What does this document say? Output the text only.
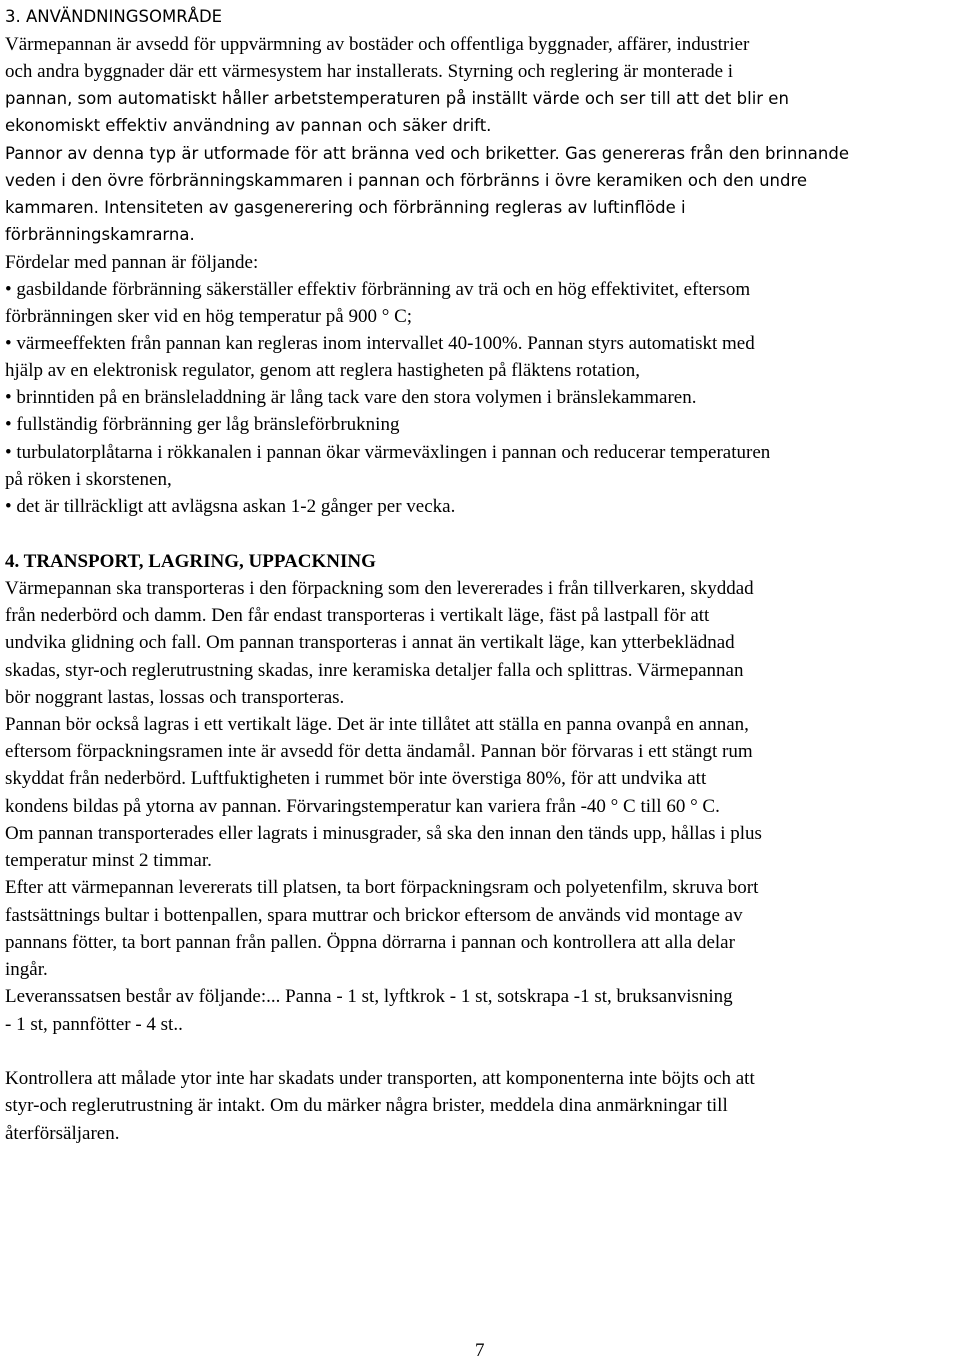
3. ANVÄNDNINGSOMRÅDE
Värmepannan är avsedd för uppvärmning av bostäder och offentliga byggnader, affärer, industrier
och andra byggnader där ett värmesystem har installerats. Styrning och reglering är monterade i
pannan, som automatiskt håller arbetstemperaturen på inställt värde och ser till att det blir en
ekonomiskt effektiv användning av pannan och säker drift.
Pannor av denna typ är utformade för att bränna ved och briketter. Gas genereras från den brinnande
veden i den övre förbränningskammaren i pannan och förbränns i övre keramiken och den undre
kammaren. Intensiteten av gasgenerering och förbränning regleras av luftinflöde i
förbränningskamrarna.
Fördelar med pannan är följande:
• gasbildande förbränning säkerställer effektiv förbränning av trä och en hög effektivitet, eftersom
förbränningen sker vid en hög temperatur på 900 ° C;
• värmeeffekten från pannan kan regleras inom intervallet 40-100%. Pannan styrs automatiskt med
hjälp av en elektronisk regulator, genom att reglera hastigheten på fläktens rotation,
• brinntiden på en bränsleladdning är lång tack vare den stora volymen i bränslekammaren.
• fullständig förbränning ger låg bränsleförbrukning
• turbulatorplåtarna i rökkanalen i pannan ökar värmeväxlingen i pannan och reducerar temperaturen
på röken i skorstenen,
• det är tillräckligt att avlägsna askan 1-2 gånger per vecka.
4. TRANSPORT, LAGRING, UPPACKNING
Värmepannan ska transporteras i den förpackning som den levererades i från tillverkaren, skyddad
från nederbörd och damm. Den får endast transporteras i vertikalt läge, fäst på lastpall för att
undvika glidning och fall. Om pannan transporteras i annat än vertikalt läge, kan ytterbeklädnad
skadas, styr-och reglerutrustning skadas, inre keramiska detaljer falla och splittras. Värmepannan
bör noggrant lastas, lossas och transporteras.
Pannan bör också lagras i ett vertikalt läge. Det är inte tillåtet att ställa en panna ovanpå en annan,
eftersom förpackningsramen inte är avsedd för detta ändamål. Pannan bör förvaras i ett stängt rum
skyddat från nederbörd. Luftfuktigheten i rummet bör inte överstiga 80%, för att undvika att
kondens bildas på ytorna av pannan. Förvaringstemperatur kan variera från -40 ° C till 60 ° C.
Om pannan transporterades eller lagrats i minusgrader, så ska den innan den tänds upp, hållas i plus
temperatur minst 2 timmar.
Efter att värmepannan levererats till platsen, ta bort förpackningsram och polyetenfilm, skruva bort
fastsättnings bultar i bottenpallen, spara muttrar och brickor eftersom de används vid montage av
pannans fötter, ta bort pannan från pallen. Öppna dörrarna i pannan och kontrollera att alla delar
ingår.
Leveranssatsen består av följande:... Panna - 1 st, lyftkrok - 1 st, sotskrapa -1 st, bruksanvisning
- 1 st, pannfötter - 4 st..
Kontrollera att målade ytor inte har skadats under transporten, att komponenterna inte böjts och att
styr-och reglerutrustning är intakt. Om du märker några brister, meddela dina anmärkningar till
återförsäljaren.
7
